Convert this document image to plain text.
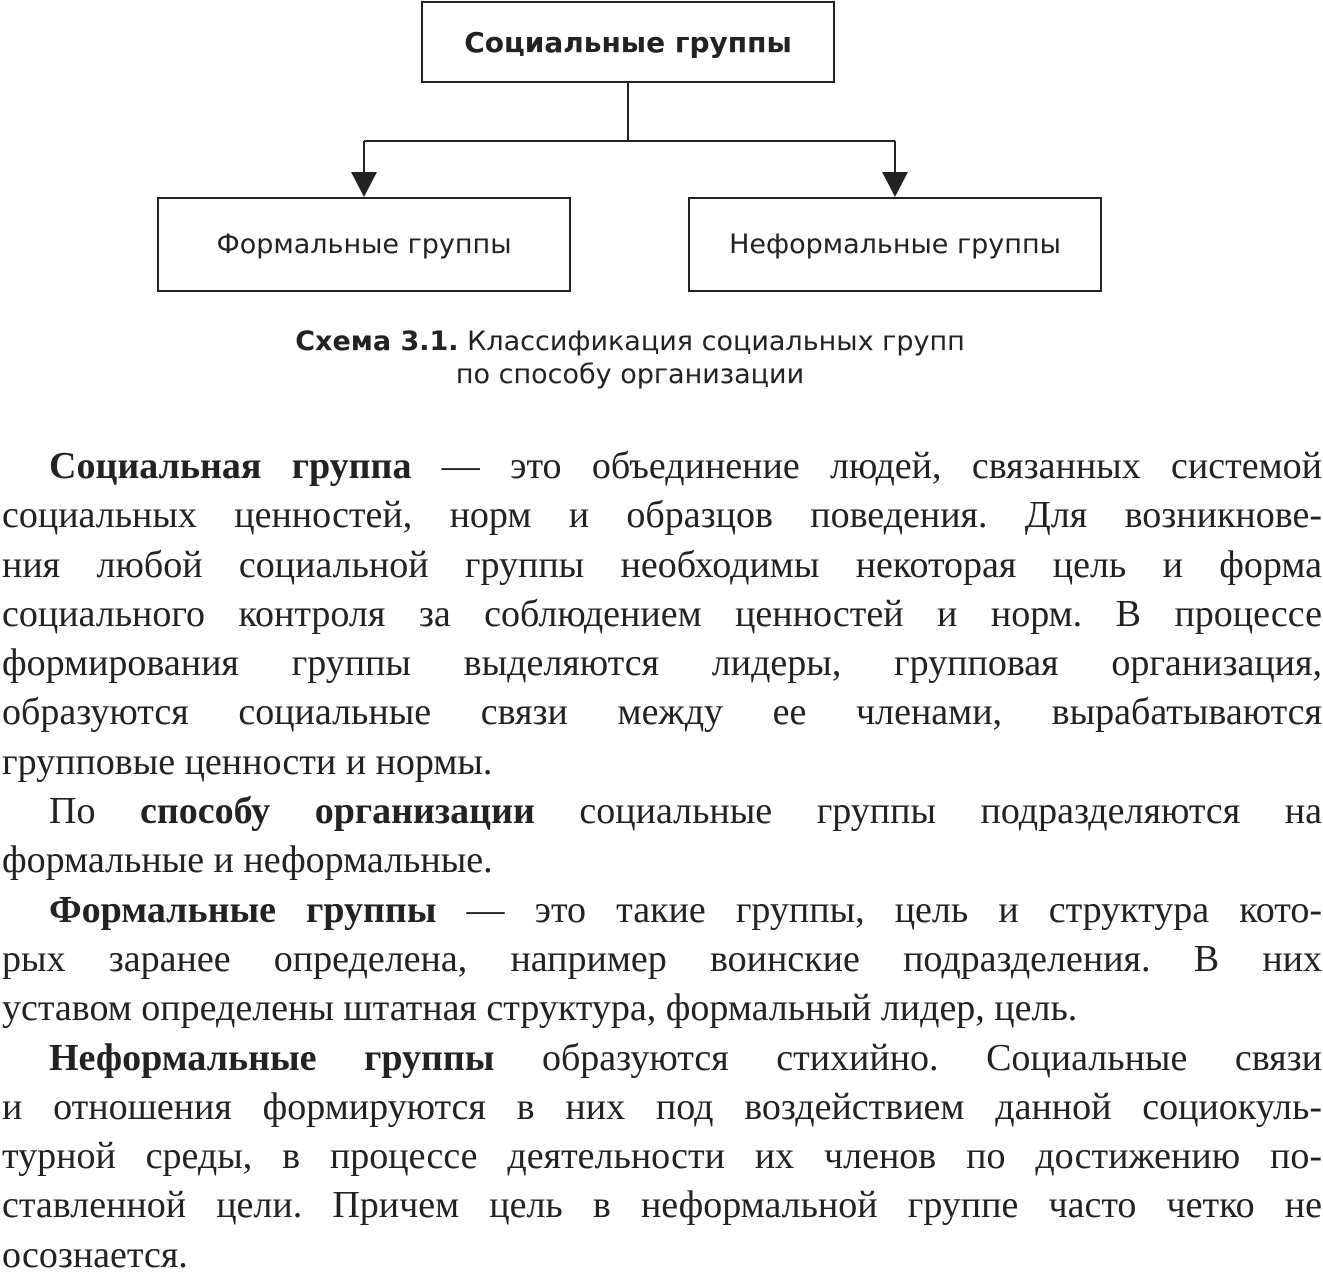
Социальные группы
Формальные группы	Неформальные группы
Схема 3.1. Классификация социальных групп
по способу организации

Социальная группа — это объединение людей, связанных системой
социальных ценностей, норм и образцов поведения. Для возникнове-
ния любой социальной группы необходимы некоторая цель и форма
социального контроля за соблюдением ценностей и норм. В процессе
формирования группы выделяются лидеры, групповая организация,
образуются социальные связи между ее членами, вырабатываются
групповые ценности и нормы.

По способу организации социальные группы подразделяются на
формальные и неформальные.

Формальные группы — это такие группы, цель и структура кото-
рых заранее определена, например воинские подразделения. В них
уставом определены штатная структура, формальный лидер, цель.

Неформальные группы образуются стихийно. Социальные связи
и отношения формируются в них под воздействием данной социокуль-
турной среды, в процессе деятельности их членов по достижению по-
ставленной цели. Причем цель в неформальной группе часто четко не
осознается.
